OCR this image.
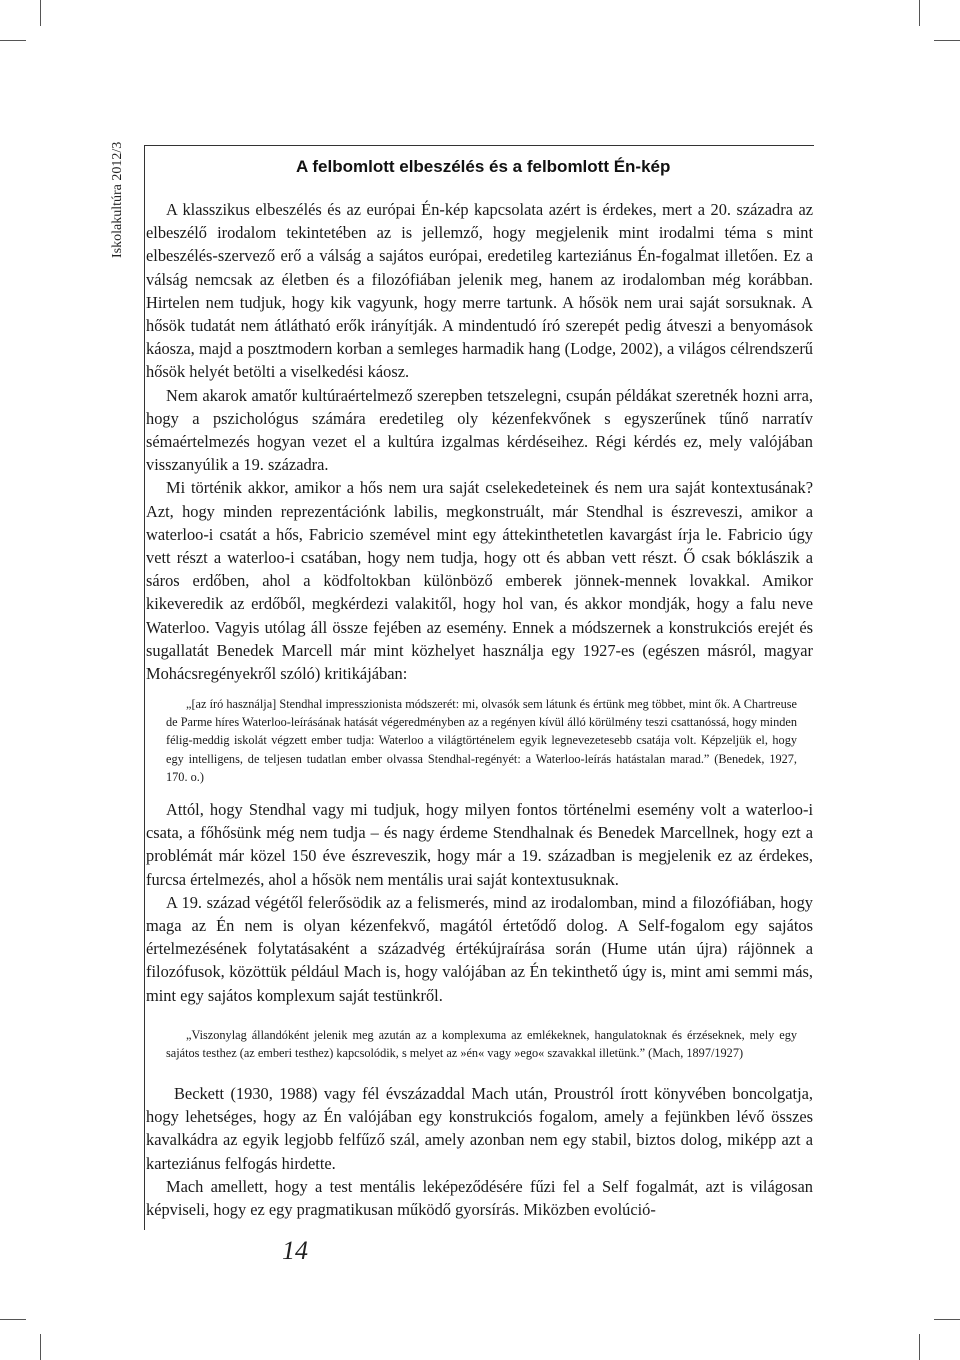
Iskolakultúra 2012/3	A felbomlott elbeszélés és a felbomlott Én-kép

A klasszikus elbeszélés és az európai Én-kép kapcsolata azért is érdekes, mert a 20. századra az elbeszélő irodalom tekintetében az is jellemző, hogy megjelenik mint irodalmi téma s mint elbeszélés-szervező erő a válság a sajátos európai, eredetileg karteziánus Én-fogalmat illetően. Ez a válság nemcsak az életben és a filozófiában jelenik meg, hanem az irodalomban még korábban. Hirtelen nem tudjuk, hogy kik vagyunk, hogy merre tartunk. A hősök nem urai saját sorsuknak. A hősök tudatát nem átlátható erők irányítják. A mindentudó író szerepét pedig átveszi a benyomások káosza, majd a posztmodern korban a semleges harmadik hang (Lodge, 2002), a világos célrendszerű hősök helyét betölti a viselkedési káosz.

Nem akarok amatőr kultúraértelmező szerepben tetszelegni, csupán példákat szeretnék hozni arra, hogy a pszichológus számára eredetileg oly kézenfekvőnek s egyszerűnek tűnő narratív sémaértelmezés hogyan vezet el a kultúra izgalmas kérdéseihez. Régi kérdés ez, mely valójában visszanyúlik a 19. századra.

Mi történik akkor, amikor a hős nem ura saját cselekedeteinek és nem ura saját kontextusának? Azt, hogy minden reprezentációnk labilis, megkonstruált, már Stendhal is észreveszi, amikor a waterloo-i csatát a hős, Fabricio szemével mint egy áttekinthetetlen kavargást írja le. Fabricio úgy vett részt a waterloo-i csatában, hogy nem tudja, hogy ott és abban vett részt. Ő csak bóklászik a sáros erdőben, ahol a ködfoltokban különböző emberek jönnek-mennek lovakkal. Amikor kikeveredik az erdőből, megkérdezi valakitől, hogy hol van, és akkor mondják, hogy a falu neve Waterloo. Vagyis utólag áll össze fejében az esemény. Ennek a módszernek a konstrukciós erejét és sugallatát Benedek Marcell már mint közhelyet használja egy 1927-es (egészen másról, magyar Mohácsregényekről szóló) kritikájában:

„[az író használja] Stendhal impresszionista módszerét: mi, olvasók sem látunk és értünk meg többet, mint ők. A Chartreuse de Parme híres Waterloo-leírásának hatását végeredményben az a regényen kívül álló körülmény teszi csattanóssá, hogy minden félig-meddig iskolát végzett ember tudja: Waterloo a világtörténelem egyik legnevezetesebb csatája volt. Képzeljük el, hogy egy intelligens, de teljesen tudatlan ember olvassa Stendhal-regényét: a Waterloo-leírás hatástalan marad.” (Benedek, 1927, 170. o.)

Attól, hogy Stendhal vagy mi tudjuk, hogy milyen fontos történelmi esemény volt a waterloo-i csata, a főhősünk még nem tudja – és nagy érdeme Stendhalnak és Benedek Marcellnek, hogy ezt a problémát már közel 150 éve észreveszik, hogy már a 19. században is megjelenik ez az érdekes, furcsa értelmezés, ahol a hősök nem mentális urai saját kontextusuknak.

A 19. század végétől felerősödik az a felismerés, mind az irodalomban, mind a filozófiában, hogy maga az Én nem is olyan kézenfekvő, magától értetődő dolog. A Self-fogalom egy sajátos értelmezésének folytatásaként a századvég értékújraírása során (Hume után újra) rájönnek a filozófusok, közöttük például Mach is, hogy valójában az Én tekinthető úgy is, mint ami semmi más, mint egy sajátos komplexum saját testünkről.

„Viszonylag állandóként jelenik meg azután az a komplexuma az emlékeknek, hangulatoknak és érzéseknek, mely egy sajátos testhez (az emberi testhez) kapcsolódik, s melyet az »én« vagy »ego« szavakkal illetünk.” (Mach, 1897/1927)

Beckett (1930, 1988) vagy fél évszázaddal Mach után, Proustról írott könyvében boncolgatja, hogy lehetséges, hogy az Én valójában egy konstrukciós fogalom, amely a fejünkben lévő összes kavalkádra az egyik legjobb felfűző szál, amely azonban nem egy stabil, biztos dolog, miképp azt a karteziánus felfogás hirdette.

Mach amellett, hogy a test mentális leképeződésére fűzi fel a Self fogalmát, azt is világosan képviseli, hogy ez egy pragmatikusan működő gyorsírás. Miközben evolúció-

14
